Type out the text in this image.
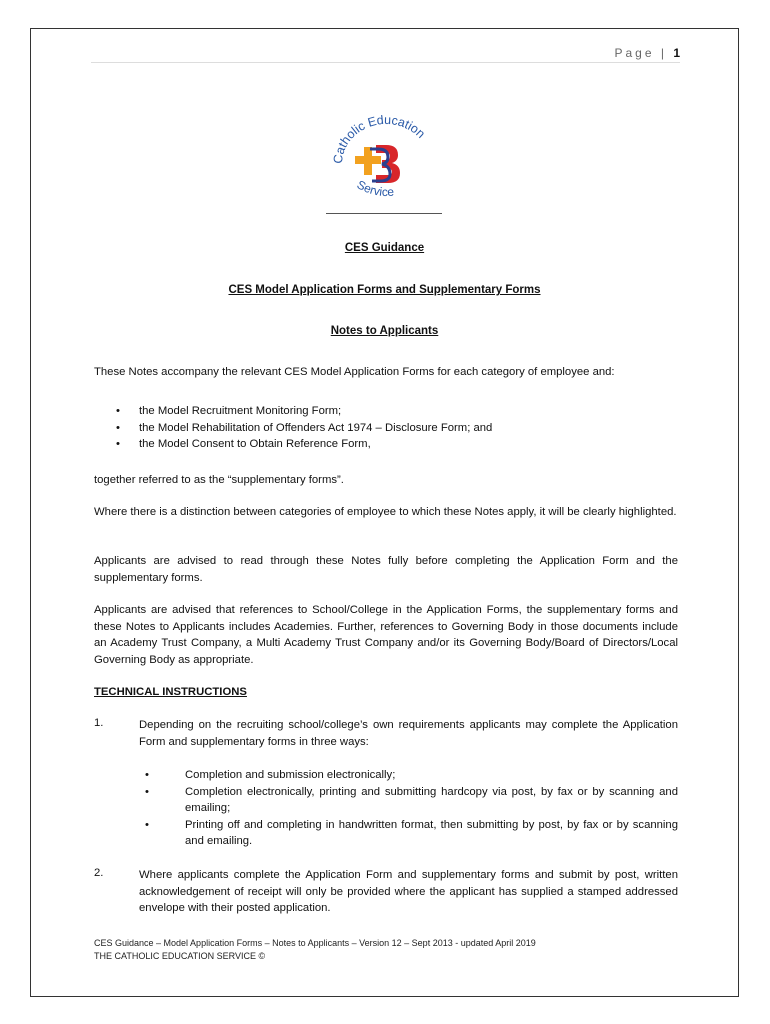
Page | 1
Catholic Education
Service
CES Guidance
CES Model Application Forms and Supplementary Forms
Notes to Applicants
These Notes accompany the relevant CES Model Application Forms for each category of employee and:
• the Model Recruitment Monitoring Form;
• the Model Rehabilitation of Offenders Act 1974 – Disclosure Form; and
• the Model Consent to Obtain Reference Form,
together referred to as the “supplementary forms”.
Where there is a distinction between categories of employee to which these Notes apply, it will be clearly highlighted.
Applicants are advised to read through these Notes fully before completing the Application Form and the supplementary forms.
Applicants are advised that references to School/College in the Application Forms, the supplementary forms and these Notes to Applicants includes Academies. Further, references to Governing Body in those documents include an Academy Trust Company, a Multi Academy Trust Company and/or its Governing Body/Board of Directors/Local Governing Body as appropriate.
TECHNICAL INSTRUCTIONS
1.	Depending on the recruiting school/college’s own requirements applicants may complete the Application Form and supplementary forms in three ways:
• Completion and submission electronically;
• Completion electronically, printing and submitting hardcopy via post, by fax or by scanning and emailing;
• Printing off and completing in handwritten format, then submitting by post, by fax or by scanning and emailing.
2.	Where applicants complete the Application Form and supplementary forms and submit by post, written acknowledgement of receipt will only be provided where the applicant has supplied a stamped addressed envelope with their posted application.
CES Guidance – Model Application Forms – Notes to Applicants – Version 12 – Sept 2013 - updated April 2019
THE CATHOLIC EDUCATION SERVICE ©
